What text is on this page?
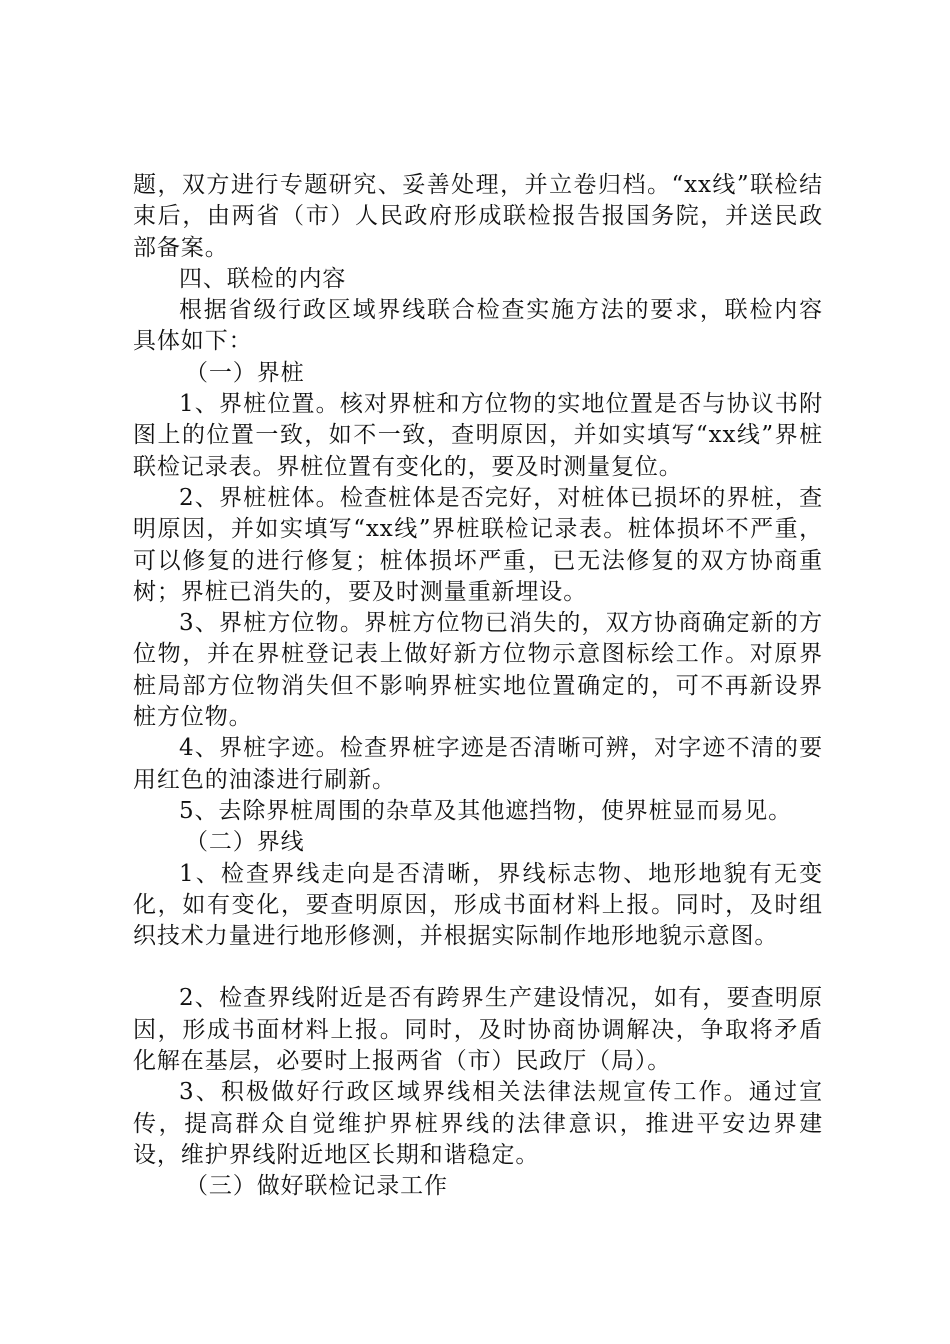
题，双方进行专题研究、妥善处理，并立卷归档。“xx线”联检结束后，由两省（市）人民政府形成联检报告报国务院，并送民政部备案。

四、联检的内容

根据省级行政区域界线联合检查实施方法的要求，联检内容具体如下：

（一）界桩

1、界桩位置。核对界桩和方位物的实地位置是否与协议书附图上的位置一致，如不一致，查明原因，并如实填写“xx线”界桩联检记录表。界桩位置有变化的，要及时测量复位。

2、界桩桩体。检查桩体是否完好，对桩体已损坏的界桩，查明原因，并如实填写“xx线”界桩联检记录表。桩体损坏不严重，可以修复的进行修复；桩体损坏严重，已无法修复的双方协商重树；界桩已消失的，要及时测量重新埋设。

3、界桩方位物。界桩方位物已消失的，双方协商确定新的方位物，并在界桩登记表上做好新方位物示意图标绘工作。对原界桩局部方位物消失但不影响界桩实地位置确定的，可不再新设界桩方位物。

4、界桩字迹。检查界桩字迹是否清晰可辨，对字迹不清的要用红色的油漆进行刷新。

5、去除界桩周围的杂草及其他遮挡物，使界桩显而易见。

（二）界线

1、检查界线走向是否清晰，界线标志物、地形地貌有无变化，如有变化，要查明原因，形成书面材料上报。同时，及时组织技术力量进行地形修测，并根据实际制作地形地貌示意图。

2、检查界线附近是否有跨界生产建设情况，如有，要查明原因，形成书面材料上报。同时，及时协商协调解决，争取将矛盾化解在基层，必要时上报两省（市）民政厅（局）。

3、积极做好行政区域界线相关法律法规宣传工作。通过宣传，提高群众自觉维护界桩界线的法律意识，推进平安边界建设，维护界线附近地区长期和谐稳定。

（三）做好联检记录工作
